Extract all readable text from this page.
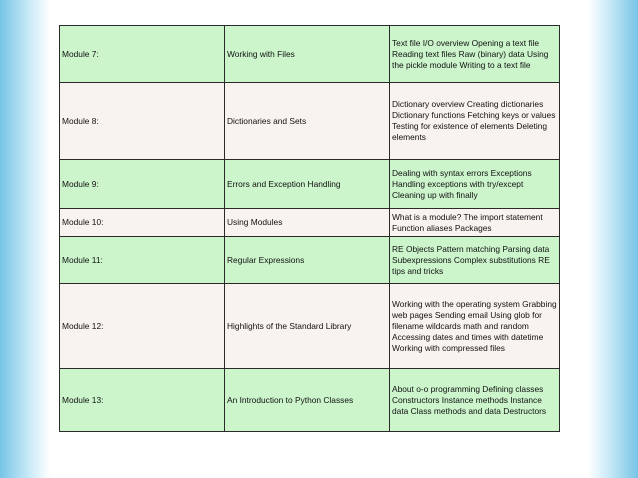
Module 7:	Working with Files	Text file I/O overview Opening a text file Reading text files Raw (binary) data Using the pickle module Writing to a text file
Module 8:	Dictionaries and Sets	Dictionary overview Creating dictionaries Dictionary functions Fetching keys or values Testing for existence of elements Deleting elements
Module 9:	Errors and Exception Handling	Dealing with syntax errors Exceptions Handling exceptions with try/except Cleaning up with finally
Module 10:	Using Modules	What is a module? The import statement Function aliases Packages
Module 11:	Regular Expressions	RE Objects Pattern matching Parsing data Subexpressions Complex substitutions RE tips and tricks
Module 12:	Highlights of the Standard Library	Working with the operating system Grabbing web pages Sending email Using glob for filename wildcards math and random Accessing dates and times with datetime Working with compressed files
Module 13:	An Introduction to Python Classes	About o-o programming Defining classes Constructors Instance methods Instance data Class methods and data Destructors
